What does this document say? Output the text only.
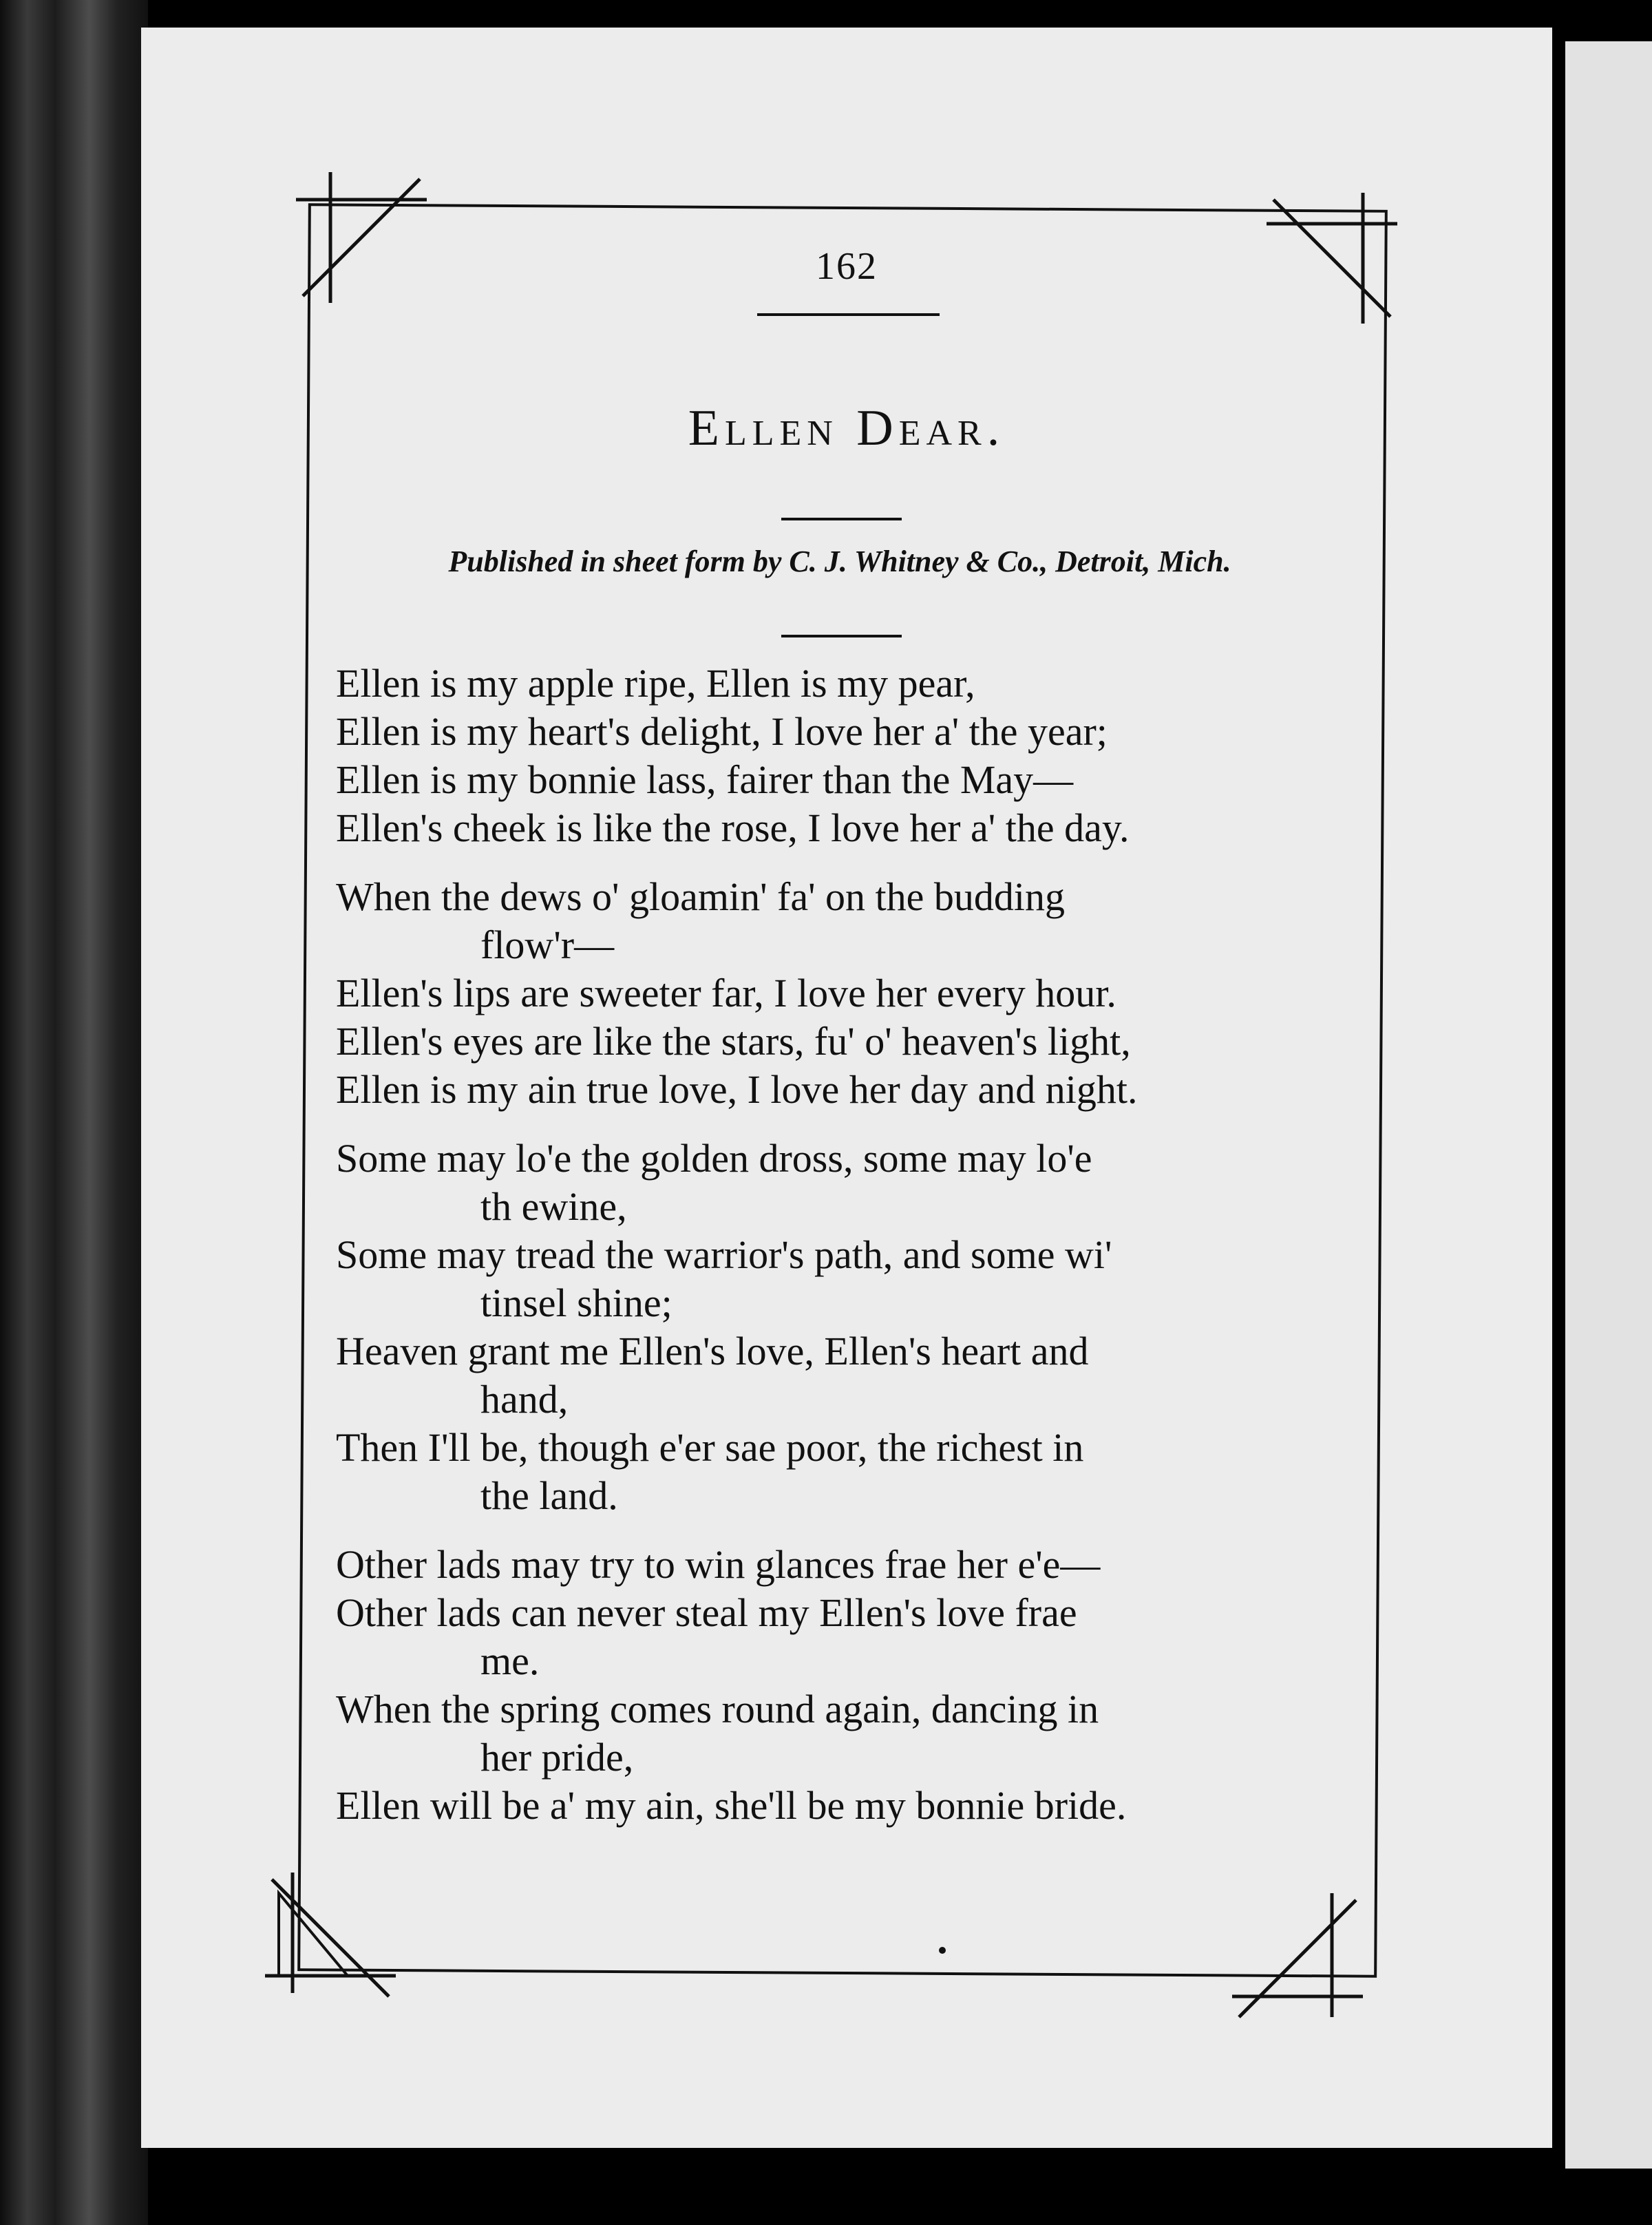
162
Ellen Dear.
Published in sheet form by C. J. Whitney & Co., Detroit, Mich.
Ellen is my apple ripe, Ellen is my pear,
Ellen is my heart's delight, I love her a' the year;
Ellen is my bonnie lass, fairer than the May—
Ellen's cheek is like the rose, I love her a' the day.
When the dews o' gloamin' fa' on the budding
flow'r—
Ellen's lips are sweeter far, I love her every hour.
Ellen's eyes are like the stars, fu' o' heaven's light,
Ellen is my ain true love, I love her day and night.
Some may lo'e the golden dross, some may lo'e
th ewine,
Some may tread the warrior's path, and some wi'
tinsel shine;
Heaven grant me Ellen's love, Ellen's heart and
hand,
Then I'll be, though e'er sae poor, the richest in
the land.
Other lads may try to win glances frae her e'e—
Other lads can never steal my Ellen's love frae
me.
When the spring comes round again, dancing in
her pride,
Ellen will be a' my ain, she'll be my bonnie bride.
